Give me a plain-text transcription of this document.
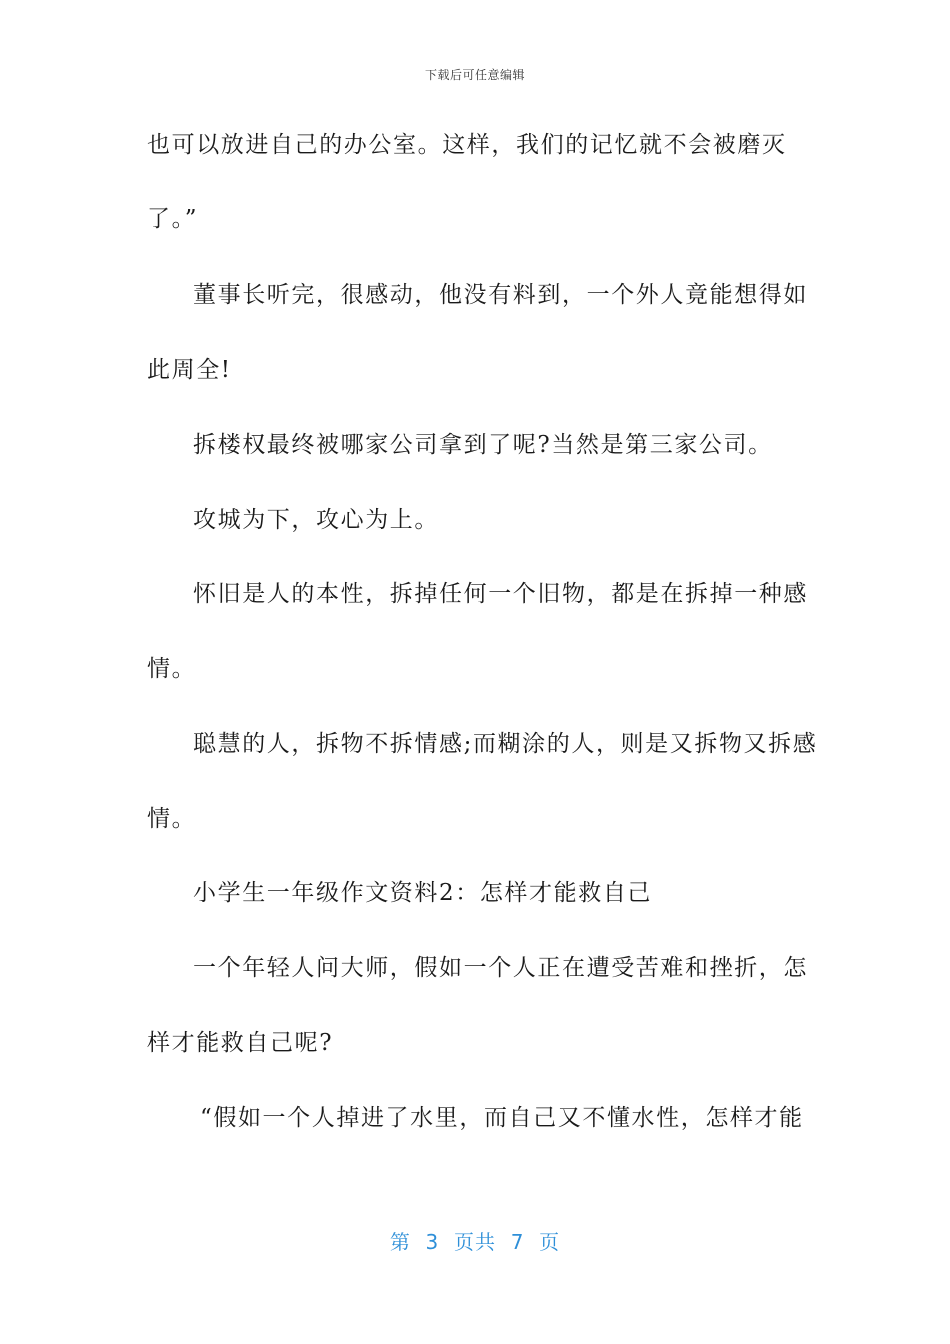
下载后可任意编辑
也可以放进自己的办公室。这样，我们的记忆就不会被磨灭
了。”
董事长听完，很感动，他没有料到，一个外人竟能想得如
此周全!
拆楼权最终被哪家公司拿到了呢?当然是第三家公司。
攻城为下，攻心为上。
怀旧是人的本性，拆掉任何一个旧物，都是在拆掉一种感
情。
聪慧的人，拆物不拆情感;而糊涂的人，则是又拆物又拆感
情。
小学生一年级作文资料2：怎样才能救自己
一个年轻人问大师，假如一个人正在遭受苦难和挫折，怎
样才能救自己呢?
“假如一个人掉进了水里，而自己又不懂水性，怎样才能
第  3  页共  7  页
